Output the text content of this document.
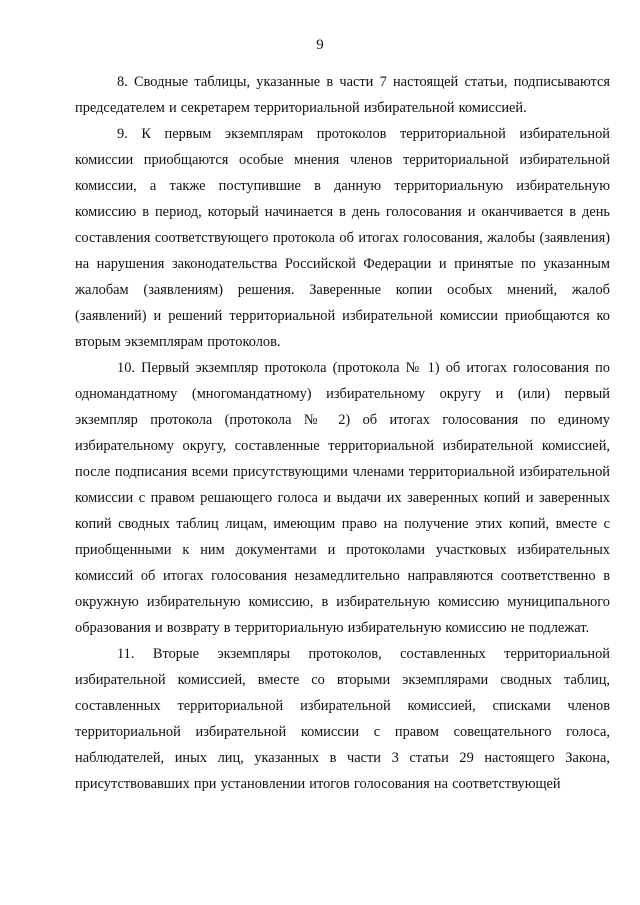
9

8. Сводные таблицы, указанные в части 7 настоящей статьи, подписываются председателем и секретарем территориальной избирательной комиссией.

9. К первым экземплярам протоколов территориальной избирательной комиссии приобщаются особые мнения членов территориальной избирательной комиссии, а также поступившие в данную территориальную избирательную комиссию в период, который начинается в день голосования и оканчивается в день составления соответствующего протокола об итогах голосования, жалобы (заявления) на нарушения законодательства Российской Федерации и принятые по указанным жалобам (заявлениям) решения. Заверенные копии особых мнений, жалоб (заявлений) и решений территориальной избирательной комиссии приобщаются ко вторым экземплярам протоколов.

10. Первый экземпляр протокола (протокола № 1) об итогах голосования по одномандатному (многомандатному) избирательному округу и (или) первый экземпляр протокола (протокола № 2) об итогах голосования по единому избирательному округу, составленные территориальной избирательной комиссией, после подписания всеми присутствующими членами территориальной избирательной комиссии с правом решающего голоса и выдачи их заверенных копий и заверенных копий сводных таблиц лицам, имеющим право на получение этих копий, вместе с приобщенными к ним документами и протоколами участковых избирательных комиссий об итогах голосования незамедлительно направляются соответственно в окружную избирательную комиссию, в избирательную комиссию муниципального образования и возврату в территориальную избирательную комиссию не подлежат.

11. Вторые экземпляры протоколов, составленных территориальной избирательной комиссией, вместе со вторыми экземплярами сводных таблиц, составленных территориальной избирательной комиссией, списками членов территориальной избирательной комиссии с правом совещательного голоса, наблюдателей, иных лиц, указанных в части 3 статьи 29 настоящего Закона, присутствовавших при установлении итогов голосования на соответствующей
